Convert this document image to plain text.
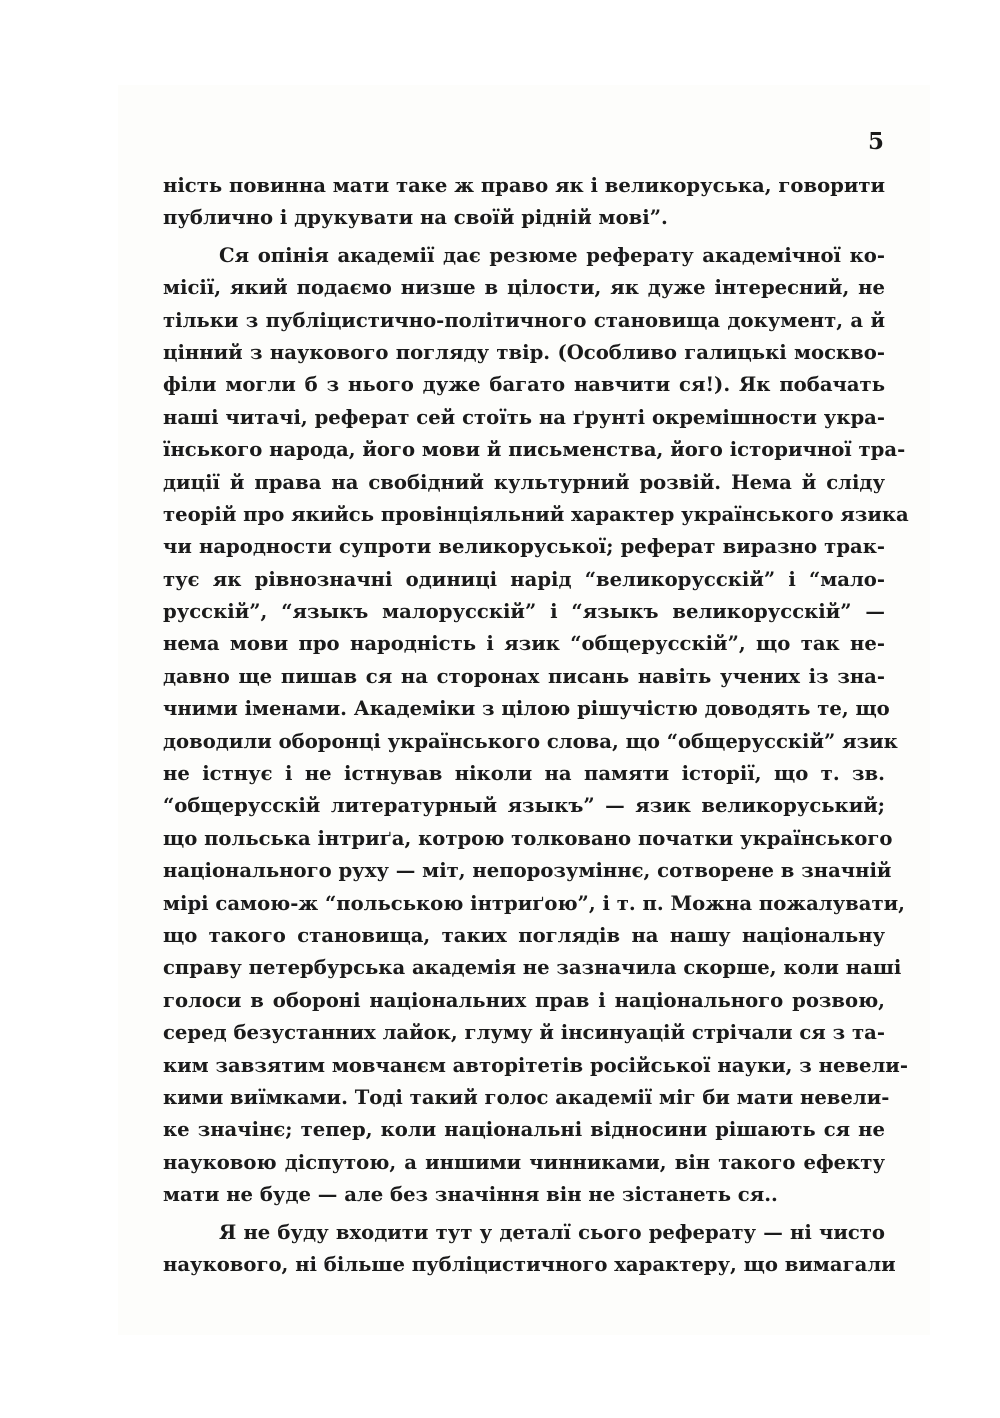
5
ність повинна мати таке ж право як і великоруська, говорити
публично і друкувати на своїй рідній мові”.
Ся опінія академії дає резюме реферату академічної ко-
місії, який подаємо низше в цілости, як дуже інтересний, не
тільки з публіцистично-політичного становища документ, а й
цінний з наукового погляду твір. (Особливо галицькі москво-
філи могли б з нього дуже багато навчити ся!). Як побачать
наші читачі, реферат сей стоїть на ґрунті окремішности укра-
їнського народа, його мови й письменства, його історичної тра-
диції й права на свобідний культурний розвій. Нема й сліду
теорій про якийсь провінціяльний характер українського язика
чи народности супроти великоруської; реферат виразно трак-
тує як рівнозначні одиниці нарід “великорусскій” і “мало-
русскій”, “языкъ малорусскій” і “языкъ великорусскій” —
нема мови про народність і язик “общерусскій”, що так не-
давно ще пишав ся на сторонах писань навіть учених із зна-
чними іменами. Академіки з цілою рішучістю доводять те, що
доводили оборонці українського слова, що “общерусскій” язик
не істнує і не істнував ніколи на памяти історії, що т. зв.
“общерусскій литературный языкъ” — язик великоруський;
що польська інтриґа, котрою толковано початки українського
національного руху — міт, непорозуміннє, сотворене в значній
мірі самою-ж “польською інтриґою”, і т. п. Можна пожалувати,
що такого становища, таких поглядів на нашу національну
справу петербурська академія не зазначила скорше, коли наші
голоси в обороні національних прав і національного розвою,
серед безустанних лайок, глуму й інсинуацій стрічали ся з та-
ким завзятим мовчанєм авторітетів російської науки, з невели-
кими виїмками. Тоді такий голос академії міг би мати невели-
ке значінє; тепер, коли національні відносини рішають ся не
науковою діспутою, а иншими чинниками, він такого ефекту
мати не буде — але без значіння він не зістанеть ся..
Я не буду входити тут у деталї сього реферату — ні чисто
наукового, ні більше публіцистичного характеру, що вимагали
